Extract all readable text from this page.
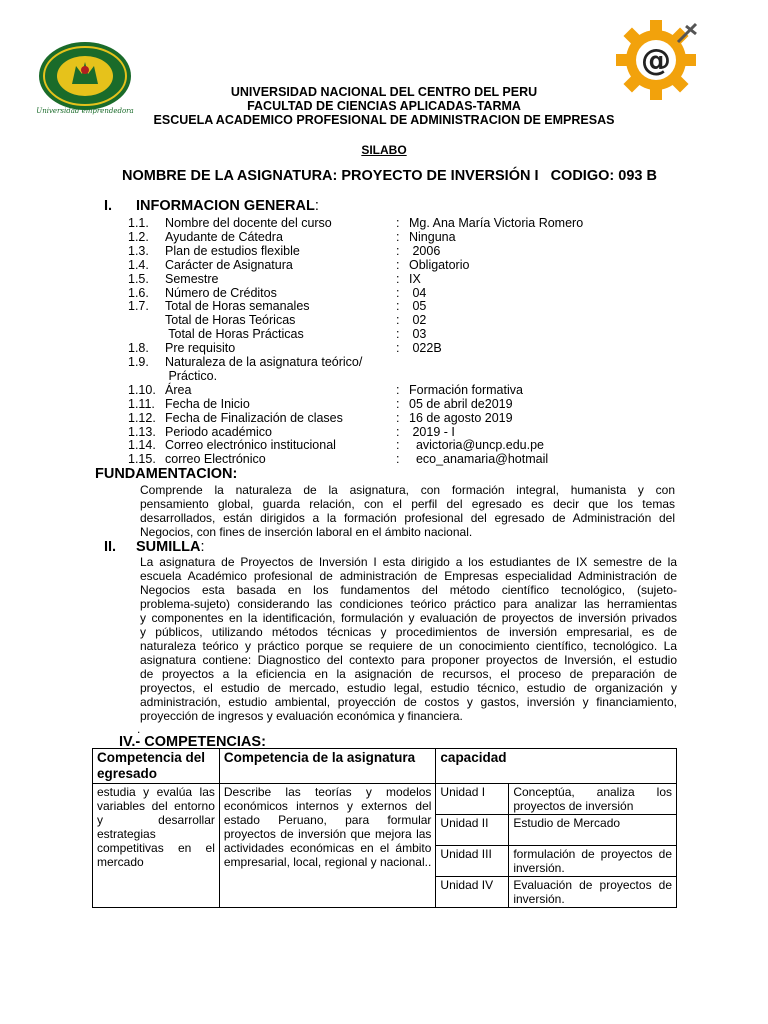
Universidad emprendedora
@
UNIVERSIDAD NACIONAL DEL CENTRO DEL PERU
FACULTAD DE CIENCIAS APLICADAS-TARMA
ESCUELA ACADEMICO PROFESIONAL DE ADMINISTRACION DE EMPRESAS
SILABO
NOMBRE DE LA ASIGNATURA: PROYECTO DE INVERSIÓN I   CODIGO: 093 B
I. INFORMACION GENERAL:
1.1. Nombre del docente del curso	: Mg. Ana María Victoria Romero
1.2. Ayudante de Cátedra	: Ninguna
1.3. Plan de estudios flexible	: 2006
1.4. Carácter de Asignatura	: Obligatorio
1.5. Semestre	: IX
1.6. Número de Créditos	: 04
1.7. Total de Horas semanales	: 05
Total de Horas Teóricas	: 02
Total de Horas Prácticas	: 03
1.8. Pre requisito	: 022B
1.9. Naturaleza de la asignatura teórico/
Práctico.
1.10. Área	: Formación formativa
1.11. Fecha de Inicio	: 05 de abril de2019
1.12. Fecha de Finalización de clases	: 16 de agosto 2019
1.13. Periodo académico	: 2019 - I
1.14. Correo electrónico institucional	: avictoria@uncp.edu.pe
1.15. correo Electrónico	: eco_anamaria@hotmail
FUNDAMENTACION:
Comprende la naturaleza de la asignatura, con formación integral, humanista y con
pensamiento global, guarda relación, con el perfil del egresado es decir que los temas
desarrollados, están dirigidos a la formación profesional del egresado de Administración del
Negocios, con fines de inserción laboral en el ámbito nacional.
II. SUMILLA:
La asignatura de Proyectos de Inversión I esta dirigido a los estudiantes de IX semestre de la
escuela Académico profesional de administración de Empresas especialidad Administración de
Negocios esta basada en los fundamentos del método científico tecnológico, (sujeto-
problema-sujeto) considerando las condiciones teórico práctico para analizar las herramientas
y componentes en la identificación, formulación y evaluación de proyectos de inversión privados
y públicos, utilizando métodos técnicas y procedimientos de inversión empresarial, es de
naturaleza teórico y práctico porque se requiere de un conocimiento científico, tecnológico. La
asignatura contiene: Diagnostico del contexto para proponer proyectos de Inversión, el estudio
de proyectos a la eficiencia en la asignación de recursos, el proceso de preparación de
proyectos, el estudio de mercado, estudio legal, estudio técnico, estudio de organización y
administración, estudio ambiental, proyección de costos y gastos, inversión y financiamiento,
proyección de ingresos y evaluación económica y financiera.
.
IV.- COMPETENCIAS:
Competencia del egresado	Competencia de la asignatura	capacidad	
estudia y evalúa las variables del entorno y desarrollar estrategias competitivas en el mercado	Describe las teorías y modelos económicos internos y externos del estado Peruano, para formular proyectos de inversión que mejora las actividades económicas en el ámbito empresarial, local, regional y nacional..	Unidad I	Conceptúa, analiza los proyectos de inversión
		Unidad II	Estudio de Mercado
		Unidad III	formulación de proyectos de inversión.
		Unidad IV	Evaluación de proyectos de inversión.
